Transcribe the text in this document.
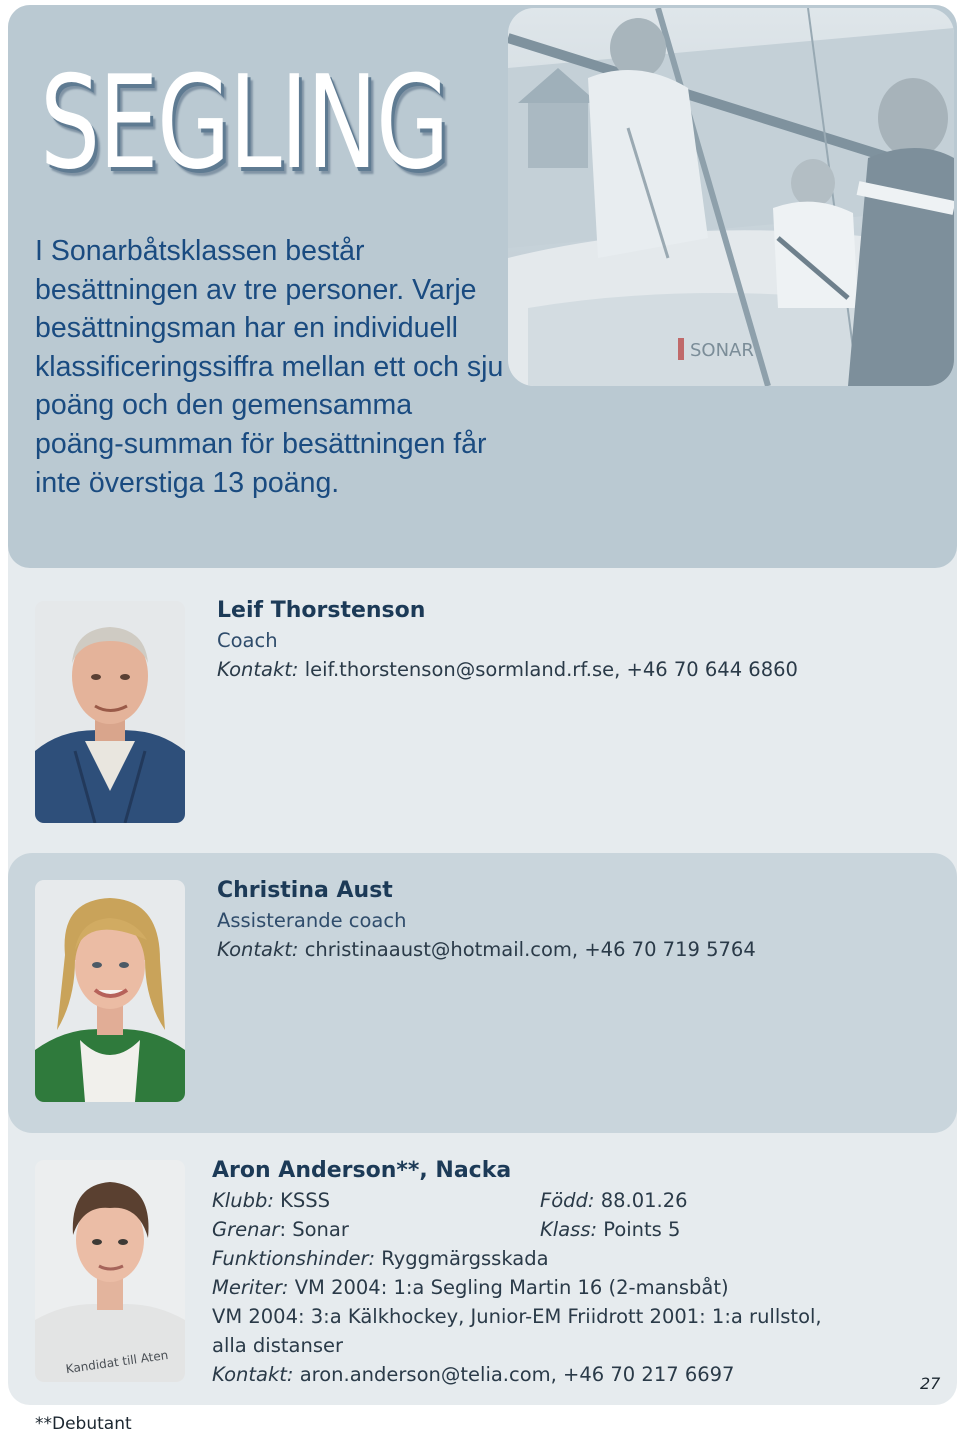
SONAR
SEGLING

I Sonarbåtsklassen består besättningen av tre personer. Varje besättningsman har en individuell klassificeringssiffra mellan ett och sju poäng och den gemensamma poäng-summan för besättningen får inte överstiga 13 poäng.

Leif Thorstenson

Coach
Kontakt: leif.thorstenson@sormland.rf.se, +46 70 644 6860

Christina Aust

Assisterande coach
Kontakt: christinaaust@hotmail.com, +46 70 719 5764
Kandidat till Aten

Aron Anderson**, Nacka

Klubb: KSSS	Född: 88.01.26
Grenar: Sonar	Klass: Points 5
Funktionshinder: Ryggmärgsskada
Meriter: VM 2004: 1:a Segling Martin 16 (2-mansbåt)
VM 2004: 3:a Kälkhockey, Junior-EM Friidrott 2001: 1:a rullstol,
alla distanser
Kontakt: aron.anderson@telia.com, +46 70 217 6697	27
**Debutant
